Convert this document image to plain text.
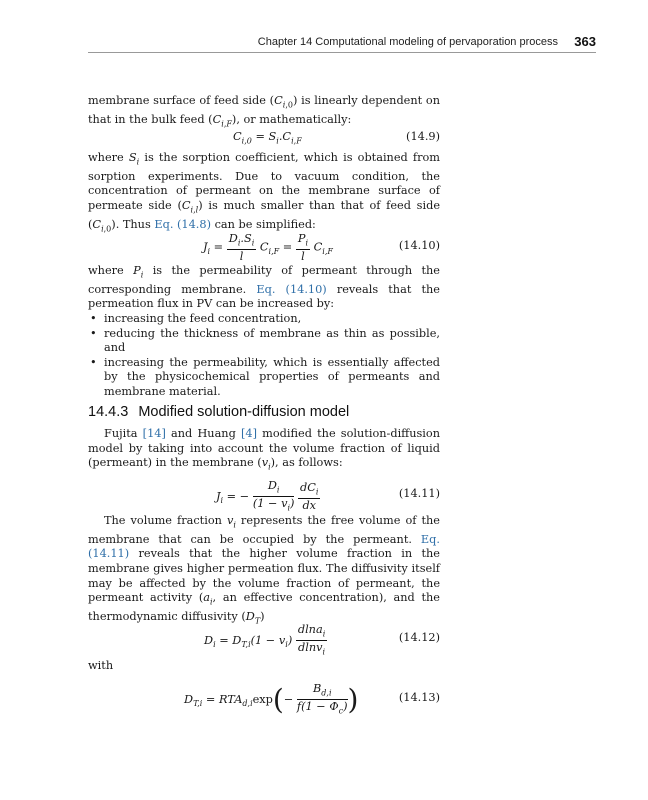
Chapter 14 Computational modeling of pervaporation process 363

membrane surface of feed side $(C_{i,0})$ is linearly dependent on that in the bulk feed $(C_{i,F})$, or mathematically:

$C_{i,0} = S_i.C_{i,F}$	(14.9)

where $S_i$ is the sorption coefficient, which is obtained from sorption experiments. Due to vacuum condition, the concentration of permeant on the membrane surface of permeate side $(C_{i,l})$ is much smaller than that of feed side $(C_{i,0})$. Thus Eq. (14.8) can be simplified:

$J_i = \frac{D_i.S_i}{l} C_{i,F} = \frac{P_i}{l} C_{i,F}$	(14.10)

where $P_i$ is the permeability of permeant through the corresponding membrane. Eq. (14.10) reveals that the permeation flux in PV can be increased by:

• increasing the feed concentration,
• reducing the thickness of membrane as thin as possible, and
• increasing the permeability, which is essentially affected by the physicochemical properties of permeants and membrane material.
14.4.3 Modified solution-diffusion model

Fujita [14] and Huang [4] modified the solution-diffusion model by taking into account the volume fraction of liquid (permeant) in the membrane $(v_i)$, as follows:

$J_i$ = − $\frac{D_i}{(1 - v_i)}$
$\frac{dC_i}{dx}$	(14.11)

The volume fraction $v_i$ represents the free volume of the membrane that can be occupied by the permeant. Eq. (14.11) reveals that the higher volume fraction in the membrane gives higher permeation flux. The diffusivity itself may be affected by the volume fraction of permeant, the permeant activity ($a_i$, an effective concentration), and the thermodynamic diffusivity $(D_T)$

$D_i = D_{T,i}(1 - v_i) \frac{dlna_i}{dlnv_i}$	(14.12)
with
$D_{T,i} = RTA_{d,i}\exp(- \frac{B_{d,i}}{f(1 - \Phi_c)}$ )	(14.13)
